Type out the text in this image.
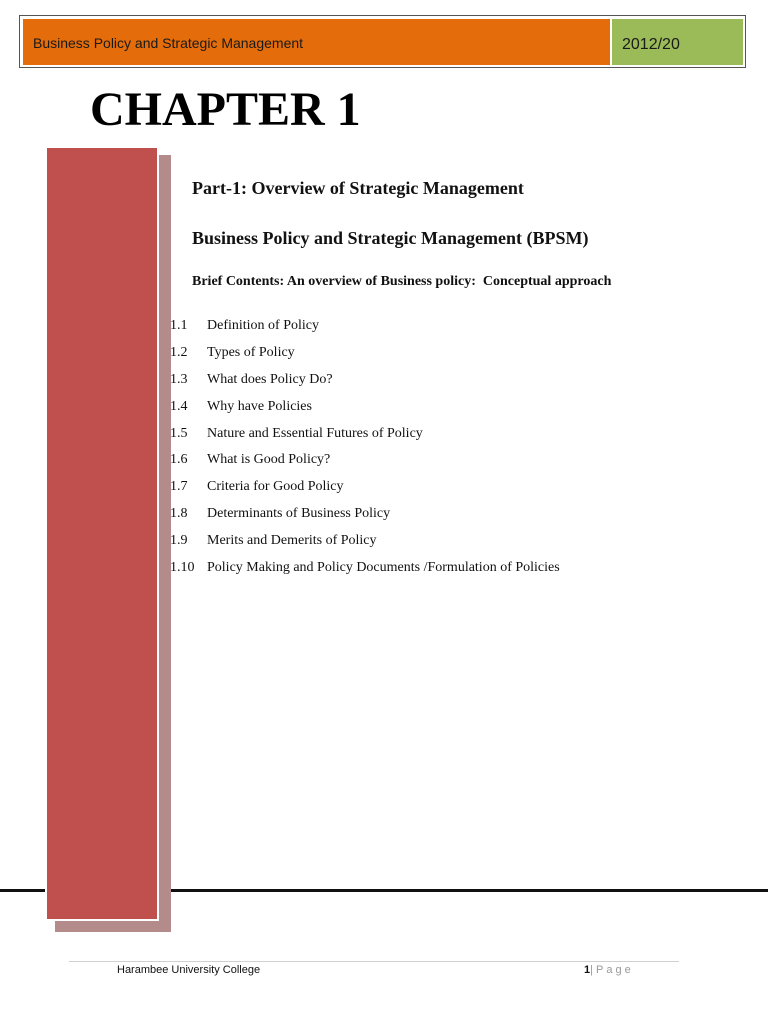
Business Policy and Strategic Management	2012/20
CHAPTER 1
Part-1: Overview of Strategic Management
Business Policy and Strategic Management (BPSM)
Brief Contents: An overview of Business policy:  Conceptual approach
1.1	Definition of Policy
1.2	Types of Policy
1.3	What does Policy Do?
1.4	Why have Policies
1.5	Nature and Essential Futures of Policy
1.6	What is Good Policy?
1.7	Criteria for Good Policy
1.8	Determinants of Business Policy
1.9	Merits and Demerits of Policy
1.10 Policy Making and Policy Documents /Formulation of Policies
Harambee University College	1| Page
